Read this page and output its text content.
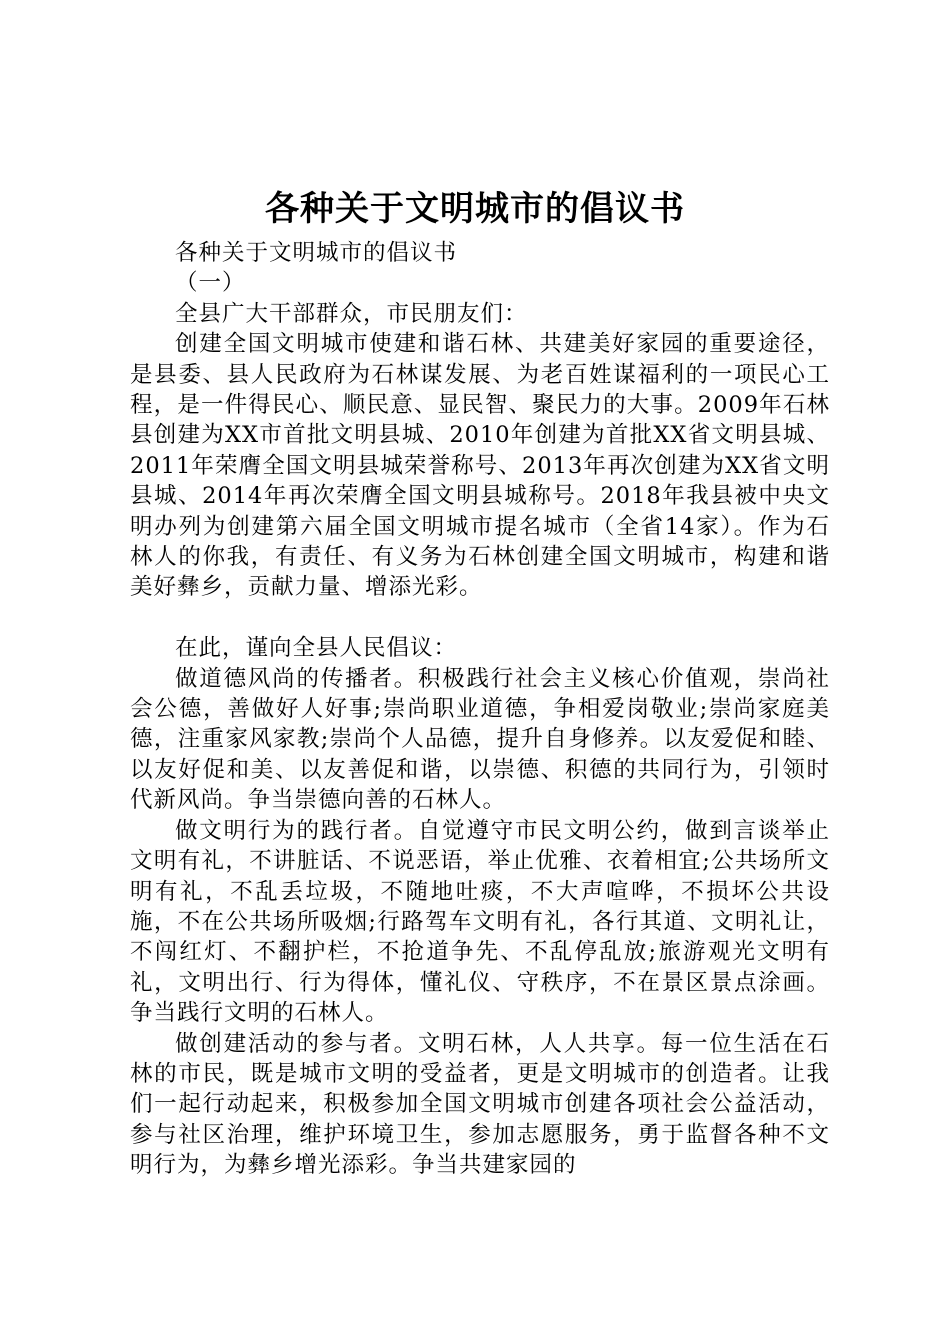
各种关于文明城市的倡议书

各种关于文明城市的倡议书

（一）

全县广大干部群众，市民朋友们：

创建全国文明城市使建和谐石林、共建美好家园的重要途径，是县委、县人民政府为石林谋发展、为老百姓谋福利的一项民心工程，是一件得民心、顺民意、显民智、聚民力的大事。2009年石林县创建为XX市首批文明县城、2010年创建为首批XX省文明县城、2011年荣膺全国文明县城荣誉称号、2013年再次创建为XX省文明县城、2014年再次荣膺全国文明县城称号。2018年我县被中央文明办列为创建第六届全国文明城市提名城市（全省14家）。作为石林人的你我，有责任、有义务为石林创建全国文明城市，构建和谐美好彝乡，贡献力量、增添光彩。

在此，谨向全县人民倡议：

做道德风尚的传播者。积极践行社会主义核心价值观，崇尚社会公德，善做好人好事;崇尚职业道德，争相爱岗敬业;崇尚家庭美德，注重家风家教;崇尚个人品德，提升自身修养。以友爱促和睦、以友好促和美、以友善促和谐，以崇德、积德的共同行为，引领时代新风尚。争当崇德向善的石林人。

做文明行为的践行者。自觉遵守市民文明公约，做到言谈举止文明有礼，不讲脏话、不说恶语，举止优雅、衣着相宜;公共场所文明有礼，不乱丢垃圾，不随地吐痰，不大声喧哗，不损坏公共设施，不在公共场所吸烟;行路驾车文明有礼，各行其道、文明礼让，不闯红灯、不翻护栏，不抢道争先、不乱停乱放;旅游观光文明有礼，文明出行、行为得体，懂礼仪、守秩序，不在景区景点涂画。争当践行文明的石林人。

做创建活动的参与者。文明石林，人人共享。每一位生活在石林的市民，既是城市文明的受益者，更是文明城市的创造者。让我们一起行动起来，积极参加全国文明城市创建各项社会公益活动，参与社区治理，维护环境卫生，参加志愿服务，勇于监督各种不文明行为，为彝乡增光添彩。争当共建家园的
